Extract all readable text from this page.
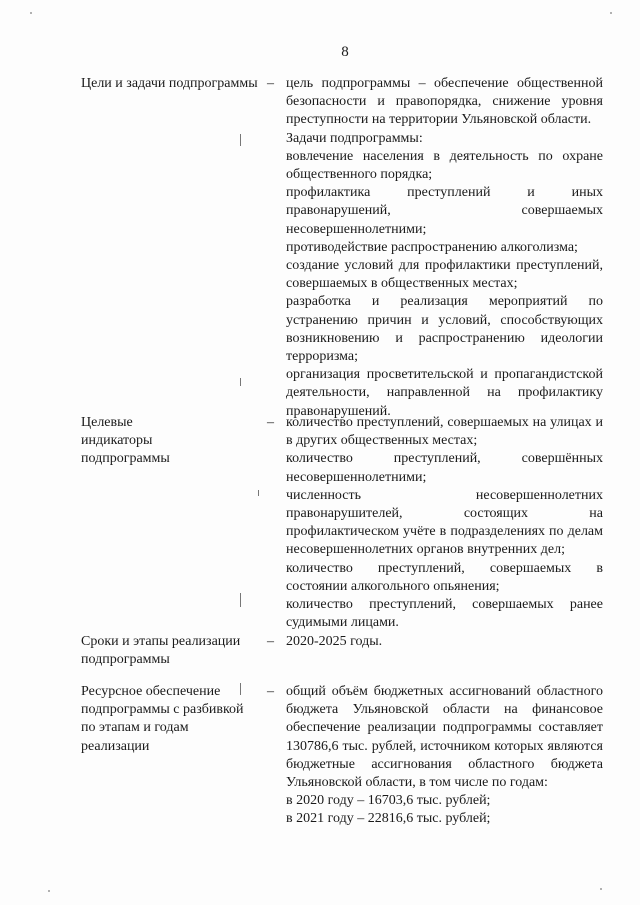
8
Цели и задачи подпрограммы – цель подпрограммы – обеспечение общественной безопасности и правопорядка, снижение уровня преступности на территории Ульяновской области.

Задачи подпрограммы:

вовлечение населения в деятельность по охране общественного порядка;

профилактика преступлений и иных правонарушений, совершаемых несовершеннолетними;

противодействие распространению алкоголизма;

создание условий для профилактики преступлений, совершаемых в общественных местах;

разработка и реализация мероприятий по устранению причин и условий, способствующих возникновению и распространению идеологии терроризма;

организация просветительской и пропагандистской деятельности, направленной на профилактику правонарушений.

Целевые индикаторы подпрограммы
– количество преступлений, совершаемых на улицах и в других общественных местах;

количество преступлений, совершённых несовершеннолетними;

численность несовершеннолетних правонарушителей, состоящих на профилактическом учёте в подразделениях по делам несовершеннолетних органов внутренних дел;

количество преступлений, совершаемых в состоянии алкогольного опьянения;

количество преступлений, совершаемых ранее судимыми лицами.

Сроки и этапы реализации подпрограммы
– 2020-2025 годы.

Ресурсное обеспечение подпрограммы с разбивкой по этапам и годам реализации
– общий объём бюджетных ассигнований областного бюджета Ульяновской области на финансовое обеспечение реализации подпрограммы составляет 130786,6 тыс. рублей, источником которых являются бюджетные ассигнования областного бюджета Ульяновской области, в том числе по годам:

в 2020 году – 16703,6 тыс. рублей;

в 2021 году – 22816,6 тыс. рублей;
